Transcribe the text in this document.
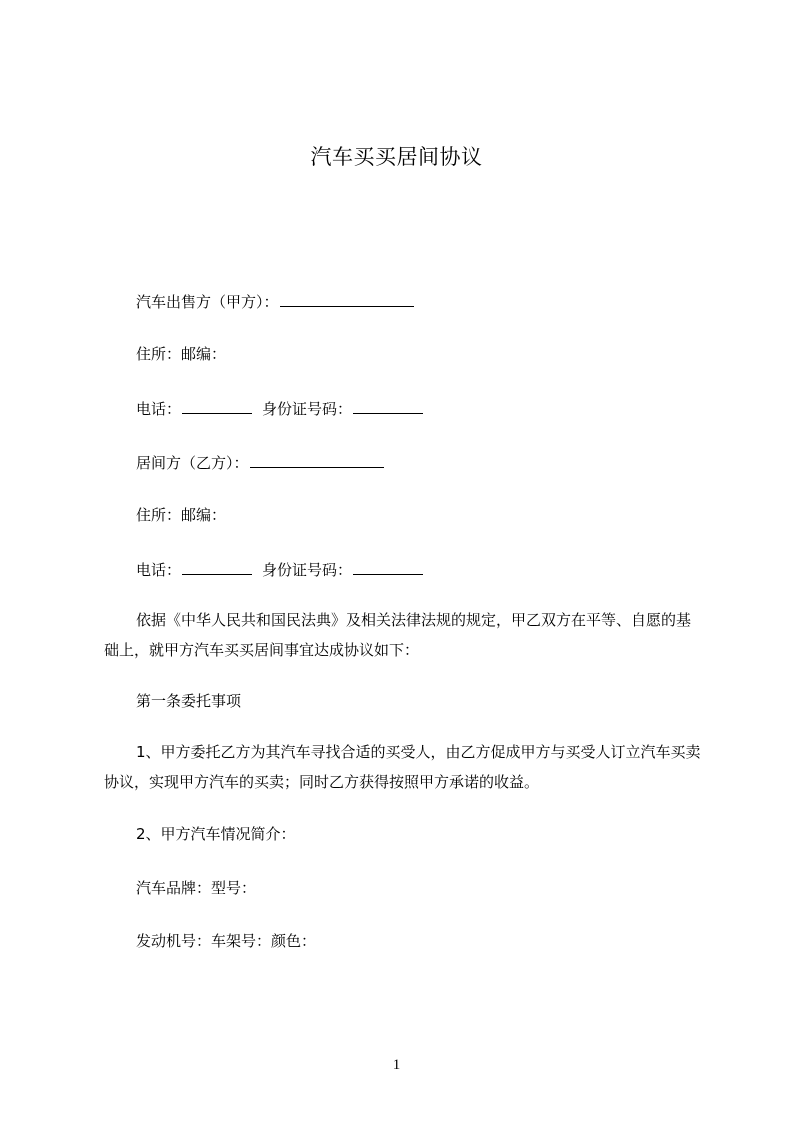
汽车买买居间协议
汽车出售方（甲方）：
住所：邮编：
电话：	身份证号码：
居间方（乙方）：
住所：邮编：
电话：	身份证号码：
依据《中华人民共和国民法典》及相关法律法规的规定，甲乙双方在平等、自愿的基础上，就甲方汽车买买居间事宜达成协议如下：
第一条委托事项
1、甲方委托乙方为其汽车寻找合适的买受人，由乙方促成甲方与买受人订立汽车买卖协议，实现甲方汽车的买卖；同时乙方获得按照甲方承诺的收益。
2、甲方汽车情况简介：
汽车品牌：型号：
发动机号：车架号：颜色：
1
